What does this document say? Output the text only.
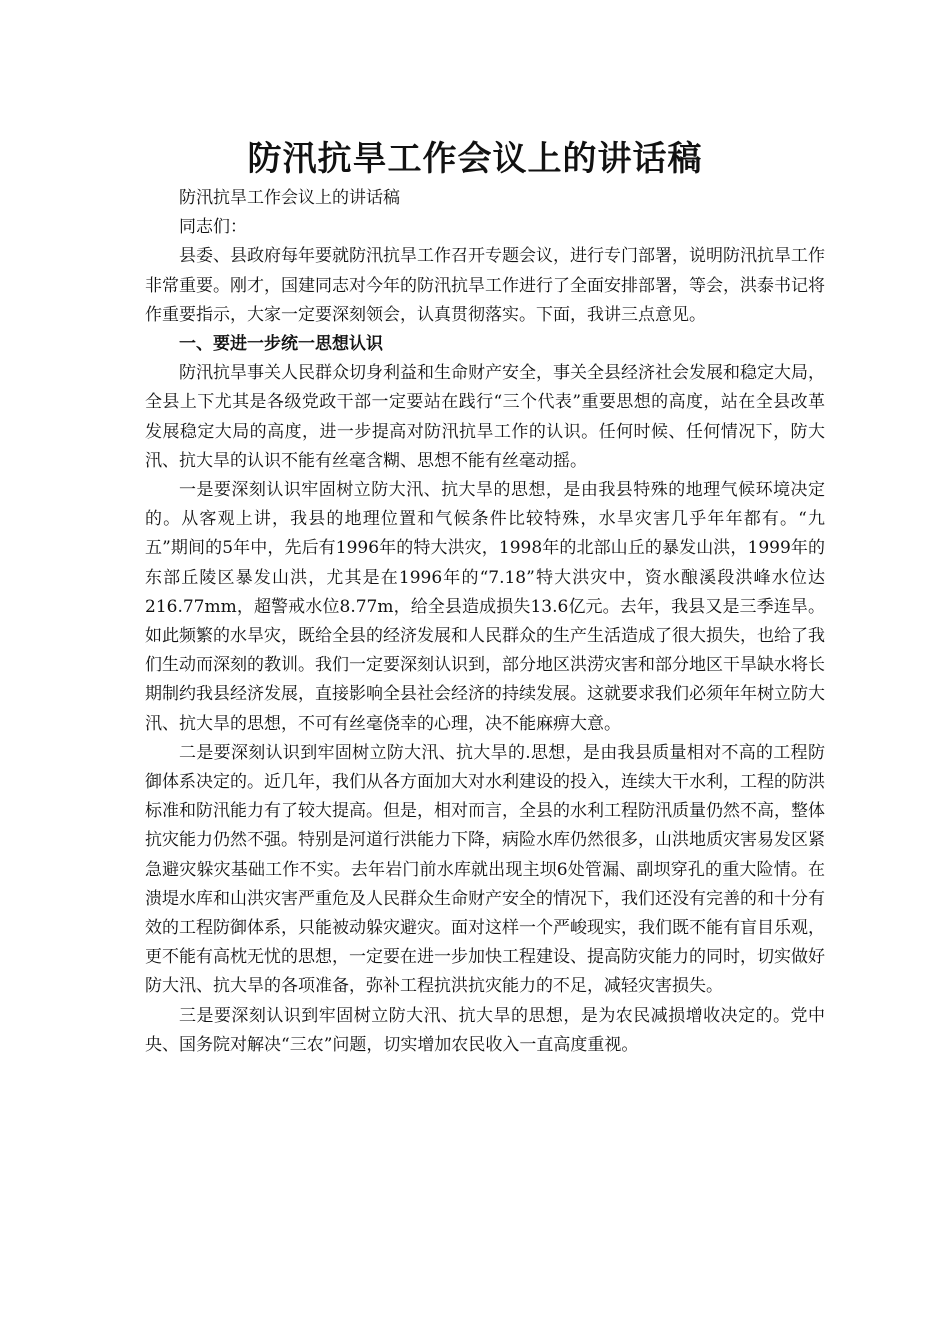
防汛抗旱工作会议上的讲话稿

防汛抗旱工作会议上的讲话稿

同志们：

县委、县政府每年要就防汛抗旱工作召开专题会议，进行专门部署，说明防汛抗旱工作非常重要。刚才，国建同志对今年的防汛抗旱工作进行了全面安排部署，等会，洪泰书记将作重要指示，大家一定要深刻领会，认真贯彻落实。下面，我讲三点意见。

一、要进一步统一思想认识

防汛抗旱事关人民群众切身利益和生命财产安全，事关全县经济社会发展和稳定大局，全县上下尤其是各级党政干部一定要站在践行“三个代表”重要思想的高度，站在全县改革发展稳定大局的高度，进一步提高对防汛抗旱工作的认识。任何时候、任何情况下，防大汛、抗大旱的认识不能有丝毫含糊、思想不能有丝毫动摇。

一是要深刻认识牢固树立防大汛、抗大旱的思想，是由我县特殊的地理气候环境决定的。从客观上讲，我县的地理位置和气候条件比较特殊，水旱灾害几乎年年都有。“九五”期间的5年中，先后有1996年的特大洪灾，1998年的北部山丘的暴发山洪，1999年的东部丘陵区暴发山洪，尤其是在1996年的“7.18”特大洪灾中，资水酿溪段洪峰水位达216.77mm，超警戒水位8.77m，给全县造成损失13.6亿元。去年，我县又是三季连旱。如此频繁的水旱灾，既给全县的经济发展和人民群众的生产生活造成了很大损失，也给了我们生动而深刻的教训。我们一定要深刻认识到，部分地区洪涝灾害和部分地区干旱缺水将长期制约我县经济发展，直接影响全县社会经济的持续发展。这就要求我们必须年年树立防大汛、抗大旱的思想，不可有丝毫侥幸的心理，决不能麻痹大意。

二是要深刻认识到牢固树立防大汛、抗大旱的.思想，是由我县质量相对不高的工程防御体系决定的。近几年，我们从各方面加大对水利建设的投入，连续大干水利，工程的防洪标准和防汛能力有了较大提高。但是，相对而言，全县的水利工程防汛质量仍然不高，整体抗灾能力仍然不强。特别是河道行洪能力下降，病险水库仍然很多，山洪地质灾害易发区紧急避灾躲灾基础工作不实。去年岩门前水库就出现主坝6处管漏、副坝穿孔的重大险情。在溃堤水库和山洪灾害严重危及人民群众生命财产安全的情况下，我们还没有完善的和十分有效的工程防御体系，只能被动躲灾避灾。面对这样一个严峻现实，我们既不能有盲目乐观，更不能有高枕无忧的思想，一定要在进一步加快工程建设、提高防灾能力的同时，切实做好防大汛、抗大旱的各项准备，弥补工程抗洪抗灾能力的不足，减轻灾害损失。

三是要深刻认识到牢固树立防大汛、抗大旱的思想，是为农民减损增收决定的。党中央、国务院对解决“三农”问题，切实增加农民收入一直高度重视。
